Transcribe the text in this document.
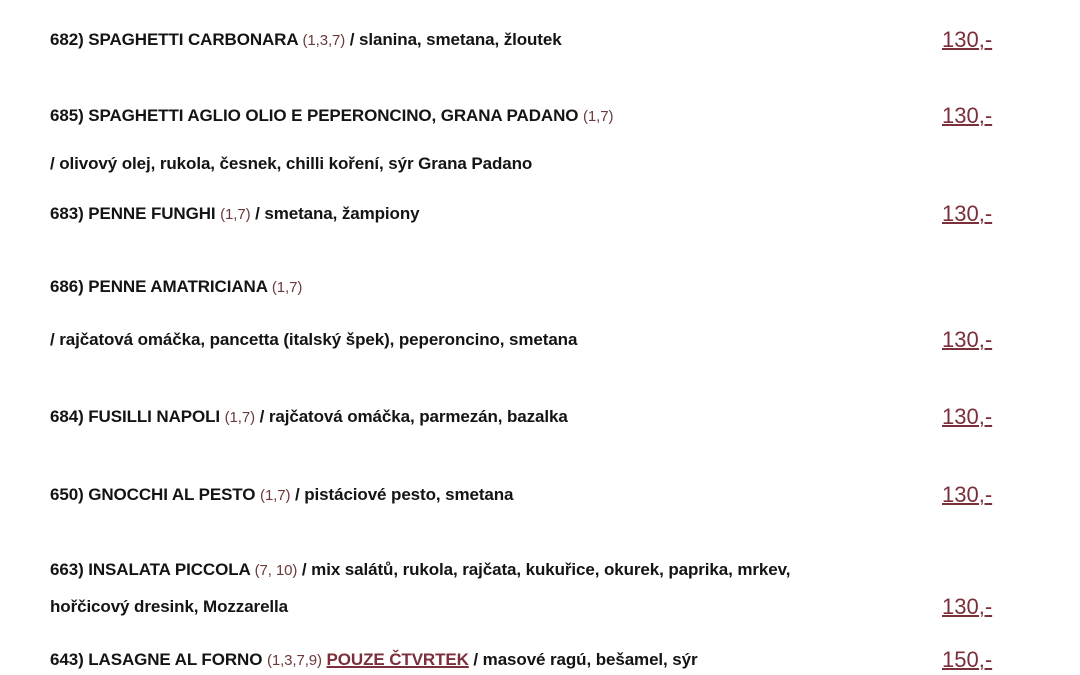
682) SPAGHETTI CARBONARA (1,3,7) / slanina, smetana, žloutek	130,-
685) SPAGHETTI AGLIO OLIO E PEPERONCINO, GRANA PADANO (1,7)	130,-
/ olivový olej, rukola, česnek, chilli koření, sýr Grana Padano
683) PENNE FUNGHI (1,7) / smetana, žampiony	130,-
686) PENNE AMATRICIANA (1,7)
/ rajčatová omáčka, pancetta (italský špek), peperoncino, smetana	130,-
684) FUSILLI NAPOLI (1,7) / rajčatová omáčka, parmezán, bazalka	130,-
650) GNOCCHI AL PESTO (1,7) / pistáciové pesto, smetana	130,-
663) INSALATA PICCOLA (7, 10) / mix salátů, rukola, rajčata, kukuřice, okurek, paprika, mrkev,
hořčicový dresink, Mozzarella	130,-
643) LASAGNE AL FORNO (1,3,7,9) POUZE ČTVRTEK / masové ragú, bešamel, sýr	150,-
